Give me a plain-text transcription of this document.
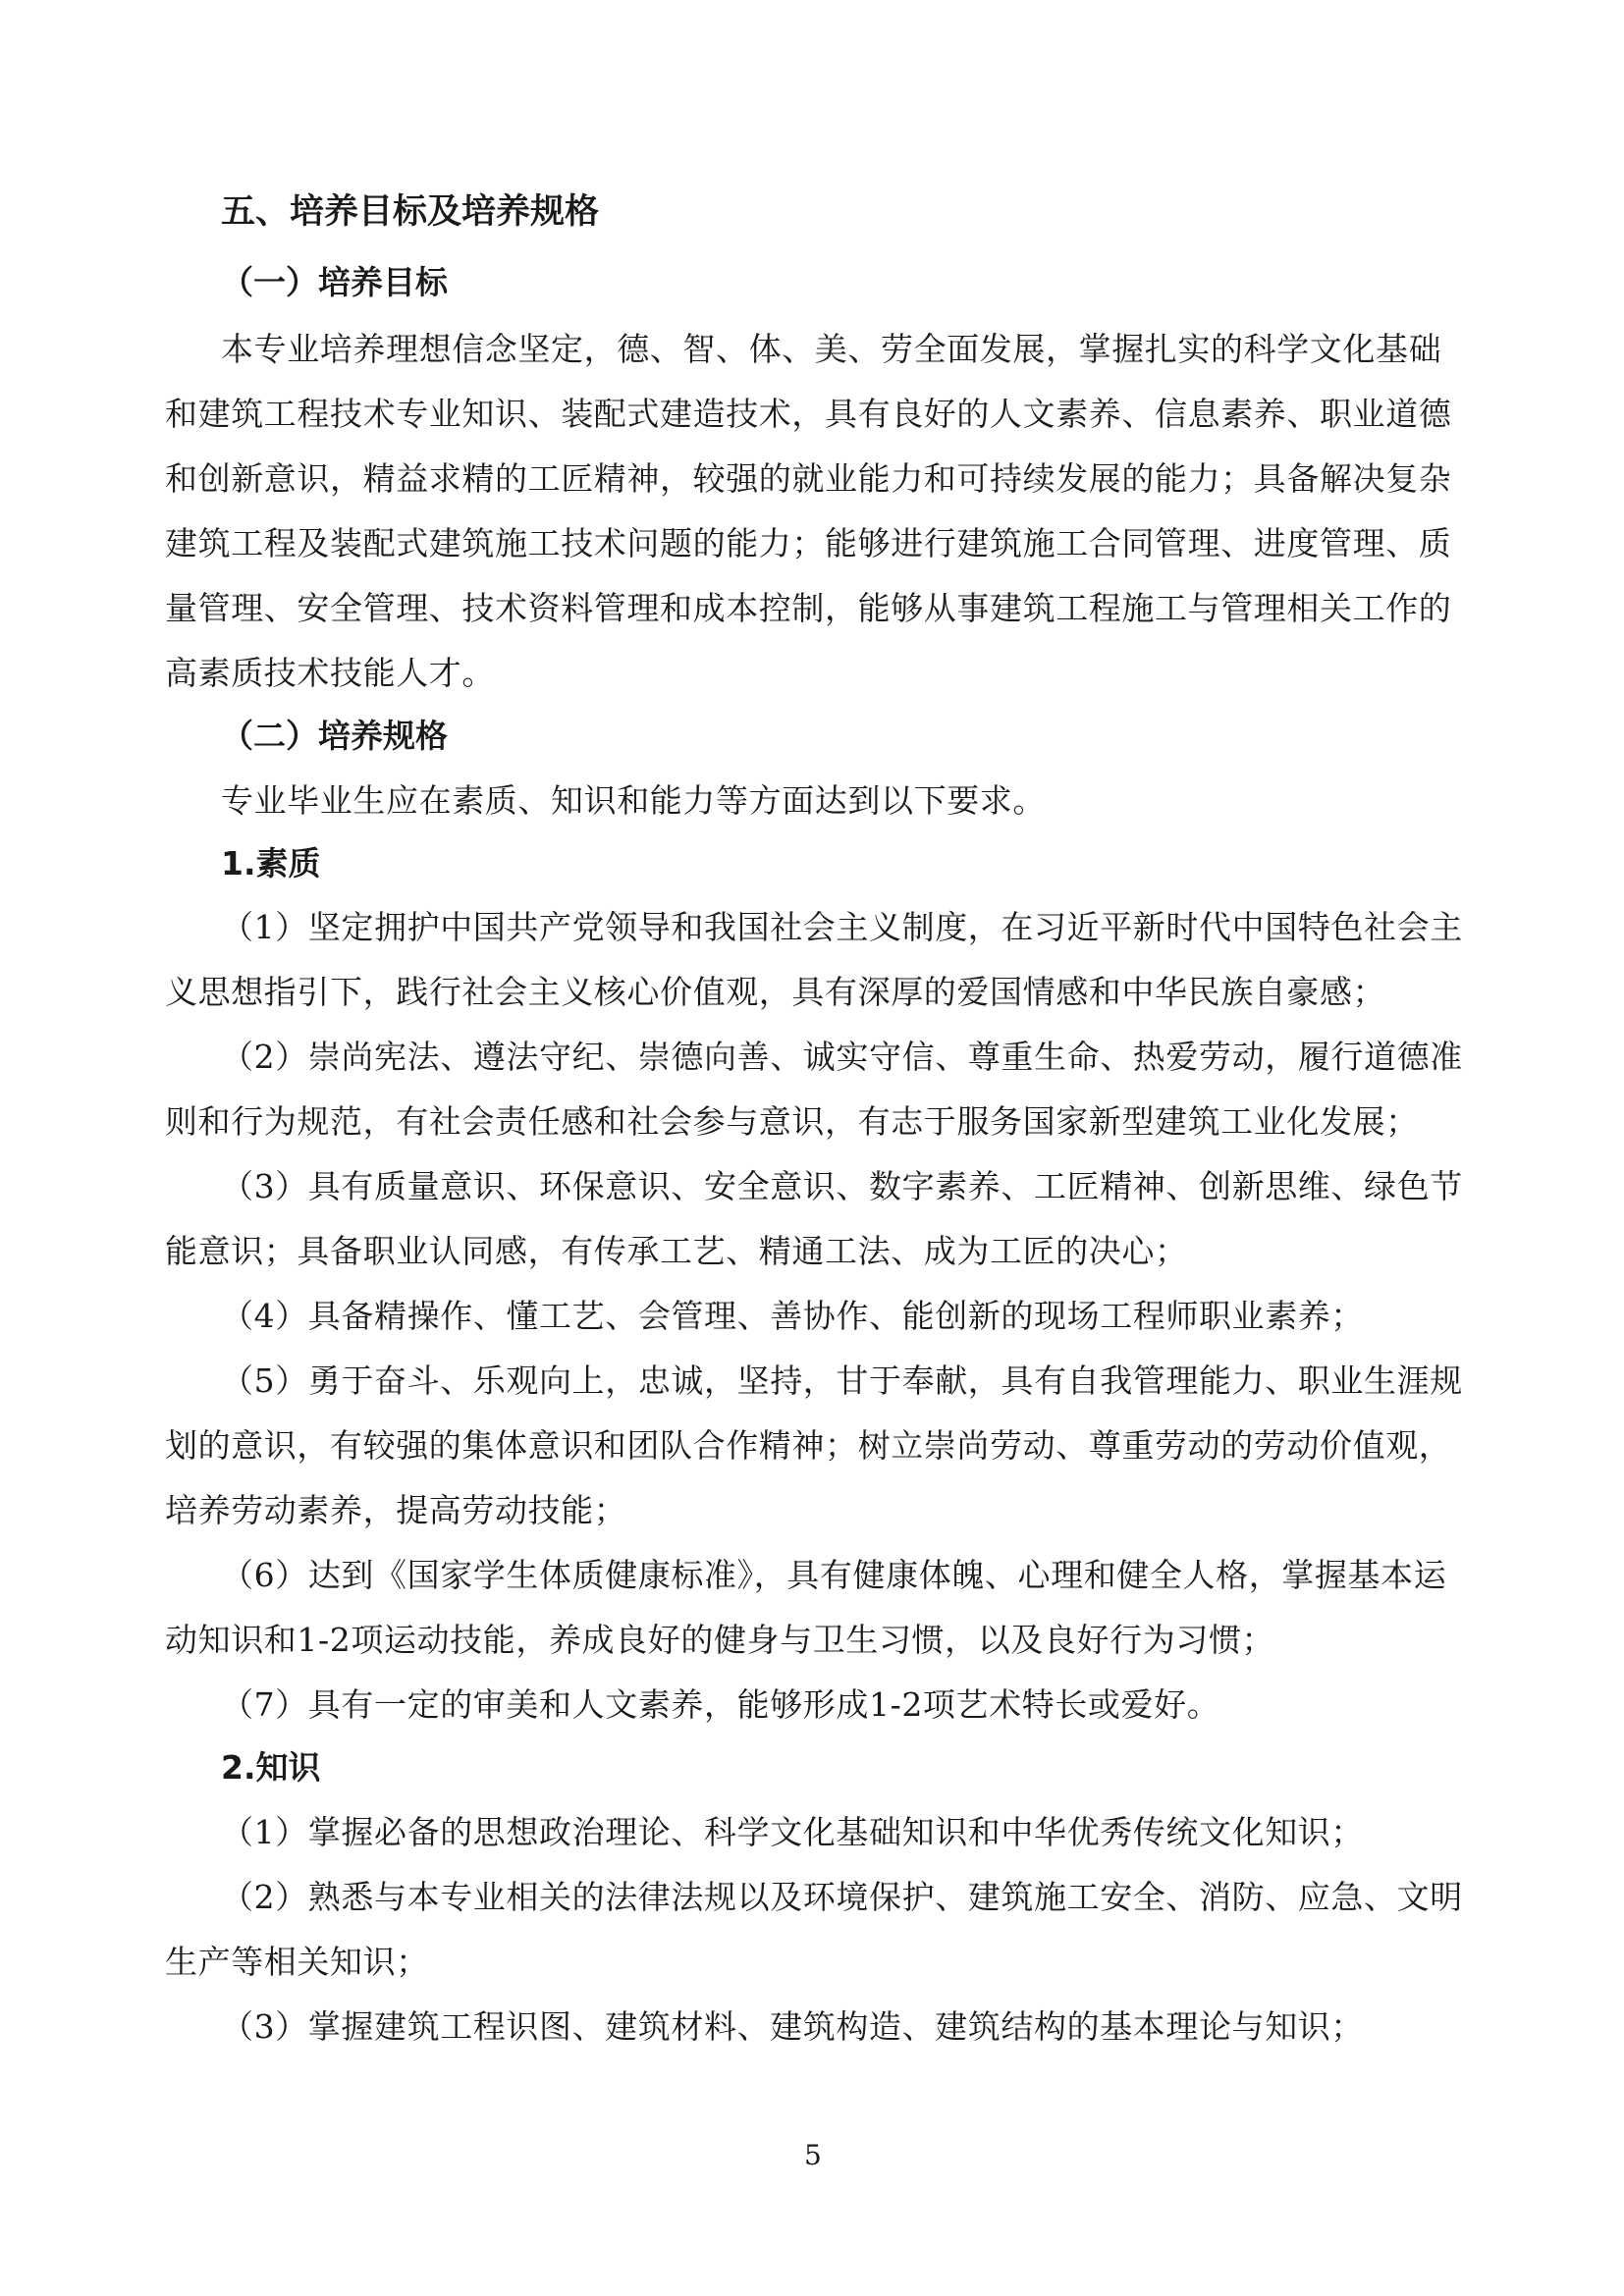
五、培养目标及培养规格
（一）培养目标
本专业培养理想信念坚定，德、智、体、美、劳全面发展，掌握扎实的科学文化基础
和建筑工程技术专业知识、装配式建造技术，具有良好的人文素养、信息素养、职业道德
和创新意识，精益求精的工匠精神，较强的就业能力和可持续发展的能力；具备解决复杂
建筑工程及装配式建筑施工技术问题的能力；能够进行建筑施工合同管理、进度管理、质
量管理、安全管理、技术资料管理和成本控制，能够从事建筑工程施工与管理相关工作的
高素质技术技能人才。
（二）培养规格
专业毕业生应在素质、知识和能力等方面达到以下要求。
1.素质
（1）坚定拥护中国共产党领导和我国社会主义制度，在习近平新时代中国特色社会主
义思想指引下，践行社会主义核心价值观，具有深厚的爱国情感和中华民族自豪感；
（2）崇尚宪法、遵法守纪、崇德向善、诚实守信、尊重生命、热爱劳动，履行道德准
则和行为规范，有社会责任感和社会参与意识，有志于服务国家新型建筑工业化发展；
（3）具有质量意识、环保意识、安全意识、数字素养、工匠精神、创新思维、绿色节
能意识；具备职业认同感，有传承工艺、精通工法、成为工匠的决心；
（4）具备精操作、懂工艺、会管理、善协作、能创新的现场工程师职业素养；
（5）勇于奋斗、乐观向上，忠诚，坚持，甘于奉献，具有自我管理能力、职业生涯规
划的意识，有较强的集体意识和团队合作精神；树立崇尚劳动、尊重劳动的劳动价值观，
培养劳动素养，提高劳动技能；
（6）达到《国家学生体质健康标准》，具有健康体魄、心理和健全人格，掌握基本运
动知识和1-2项运动技能，养成良好的健身与卫生习惯，以及良好行为习惯；
（7）具有一定的审美和人文素养，能够形成1-2项艺术特长或爱好。
2.知识
（1）掌握必备的思想政治理论、科学文化基础知识和中华优秀传统文化知识；
（2）熟悉与本专业相关的法律法规以及环境保护、建筑施工安全、消防、应急、文明
生产等相关知识；
（3）掌握建筑工程识图、建筑材料、建筑构造、建筑结构的基本理论与知识；
5
